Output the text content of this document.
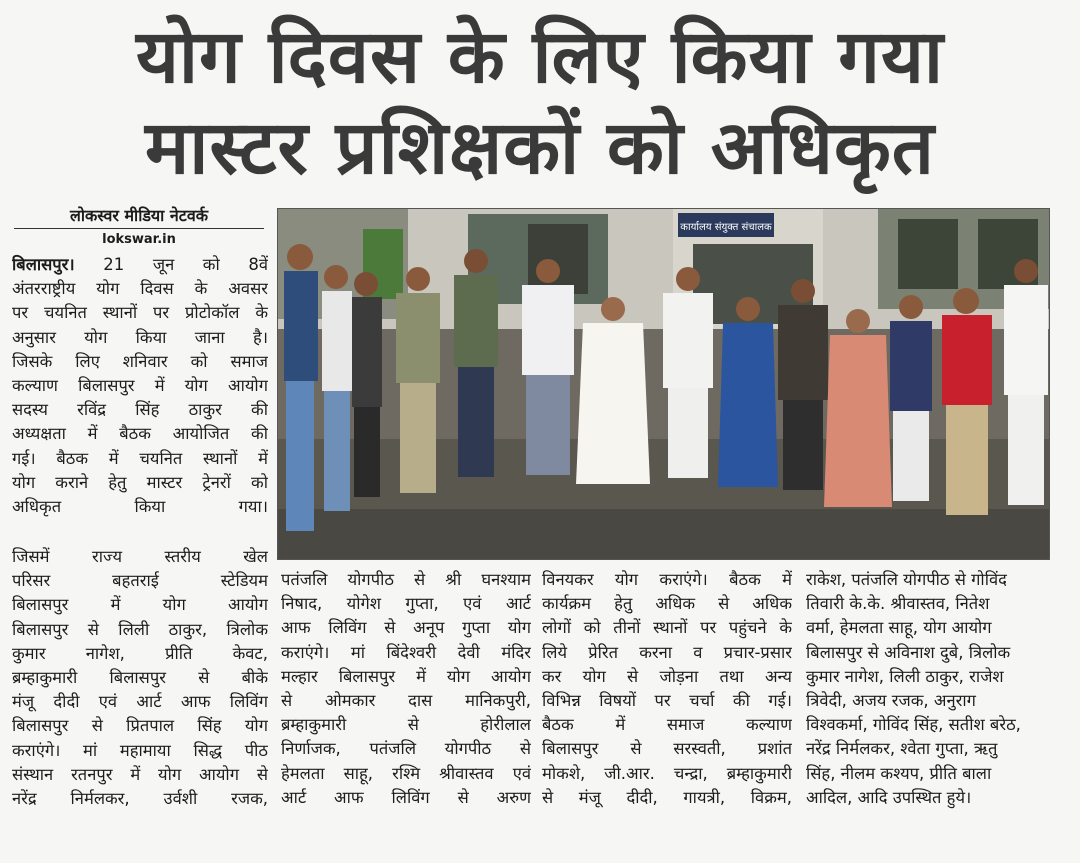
योग दिवस के लिए किया गया
मास्टर प्रशिक्षकों को अधिकृत
लोकस्वर मीडिया नेटवर्क
lokswar.in
बिलासपुर। 21 जून को 8वें
अंतरराष्ट्रीय योग दिवस के अवसर
पर चयनित स्थानों पर प्रोटोकॉल के
अनुसार योग किया जाना है।
जिसके लिए शनिवार को समाज
कल्याण बिलासपुर में योग आयोग
सदस्य रविंद्र सिंह ठाकुर की
अध्यक्षता में बैठक आयोजित की
गई। बैठक में चयनित स्थानों में
योग कराने हेतु मास्टर ट्रेनरों को
अधिकृत किया गया।
जिसमें राज्य स्तरीय खेल
परिसर बहतराई स्टेडियम
बिलासपुर में योग आयोग
बिलासपुर से लिली ठाकुर, त्रिलोक
कुमार नागेश, प्रीति केवट,
ब्रम्हाकुमारी बिलासपुर से बीके
मंजू दीदी एवं आर्ट आफ लिविंग
बिलासपुर से प्रितपाल सिंह योग
कराएंगे। मां महामाया सिद्ध पीठ
संस्थान रतनपुर में योग आयोग से
नरेंद्र निर्मलकर, उर्वशी रजक,
पतंजलि योगपीठ से श्री घनश्याम
निषाद, योगेश गुप्ता, एवं आर्ट
आफ लिविंग से अनूप गुप्ता योग
कराएंगे। मां बिंदेश्वरी देवी मंदिर
मल्हार बिलासपुर में योग आयोग
से ओमकार दास मानिकपुरी,
ब्रम्हाकुमारी से होरीलाल
निर्णाजक, पतंजलि योगपीठ से
हेमलता साहू, रश्मि श्रीवास्तव एवं
आर्ट आफ लिविंग से अरुण
विनयकर योग कराएंगे। बैठक में
कार्यक्रम हेतु अधिक से अधिक
लोगों को तीनों स्थानों पर पहुंचने के
लिये प्रेरित करना व प्रचार-प्रसार
कर योग से जोड़ना तथा अन्य
विभिन्न विषयों पर चर्चा की गई।
बैठक में समाज कल्याण
बिलासपुर से सरस्वती, प्रशांत
मोकशे, जी.आर. चन्द्रा, ब्रम्हाकुमारी
से मंजू दीदी, गायत्री, विक्रम,
राकेश, पतंजलि योगपीठ से गोविंद
तिवारी के.के. श्रीवास्तव, नितेश
वर्मा, हेमलता साहू, योग आयोग
बिलासपुर से अविनाश दुबे, त्रिलोक
कुमार नागेश, लिली ठाकुर, राजेश
त्रिवेदी, अजय रजक, अनुराग
विश्वकर्मा, गोविंद सिंह, सतीश बरेठ,
नरेंद्र निर्मलकर, श्वेता गुप्ता, ऋतु
सिंह, नीलम कश्यप, प्रीति बाला
आदिल, आदि उपस्थित हुये।
कार्यालय संयुक्त संचालक
